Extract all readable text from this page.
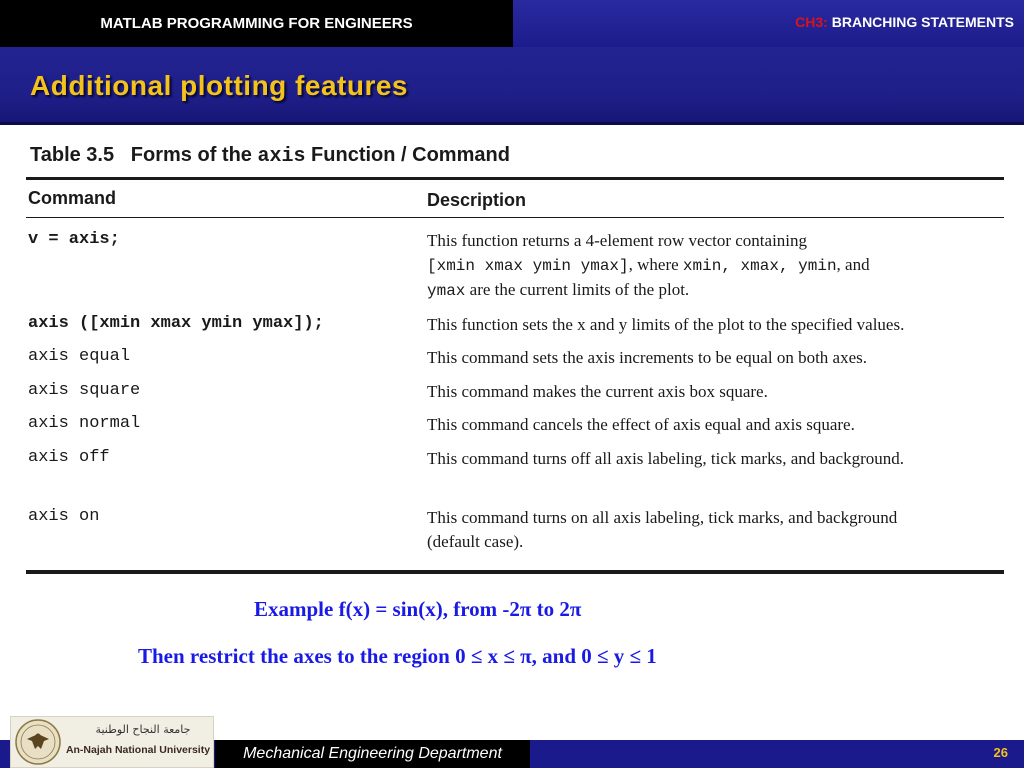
MATLAB PROGRAMMING FOR ENGINEERS	CH3: BRANCHING STATEMENTS
Additional plotting features
Table 3.5 Forms of the axis Function / Command
Command	Description
v = axis;	This function returns a 4-element row vector containing
[xmin xmax ymin ymax], where xmin, xmax, ymin, and
ymax are the current limits of the plot.
axis ([xmin xmax ymin ymax]);	This function sets the x and y limits of the plot to the specified values.
axis equal	This command sets the axis increments to be equal on both axes.
axis square	This command makes the current axis box square.
axis normal	This command cancels the effect of axis equal and axis square.
axis off	This command turns off all axis labeling, tick marks, and background.
axis on	This command turns on all axis labeling, tick marks, and background (default case).
Example f(x) = sin(x), from -2π to 2π
Then restrict the axes to the region 0 ≤ x ≤ π, and 0 ≤ y ≤ 1
جامعة النجاح الوطنية
An-Najah National University Mechanical Engineering Department	26
